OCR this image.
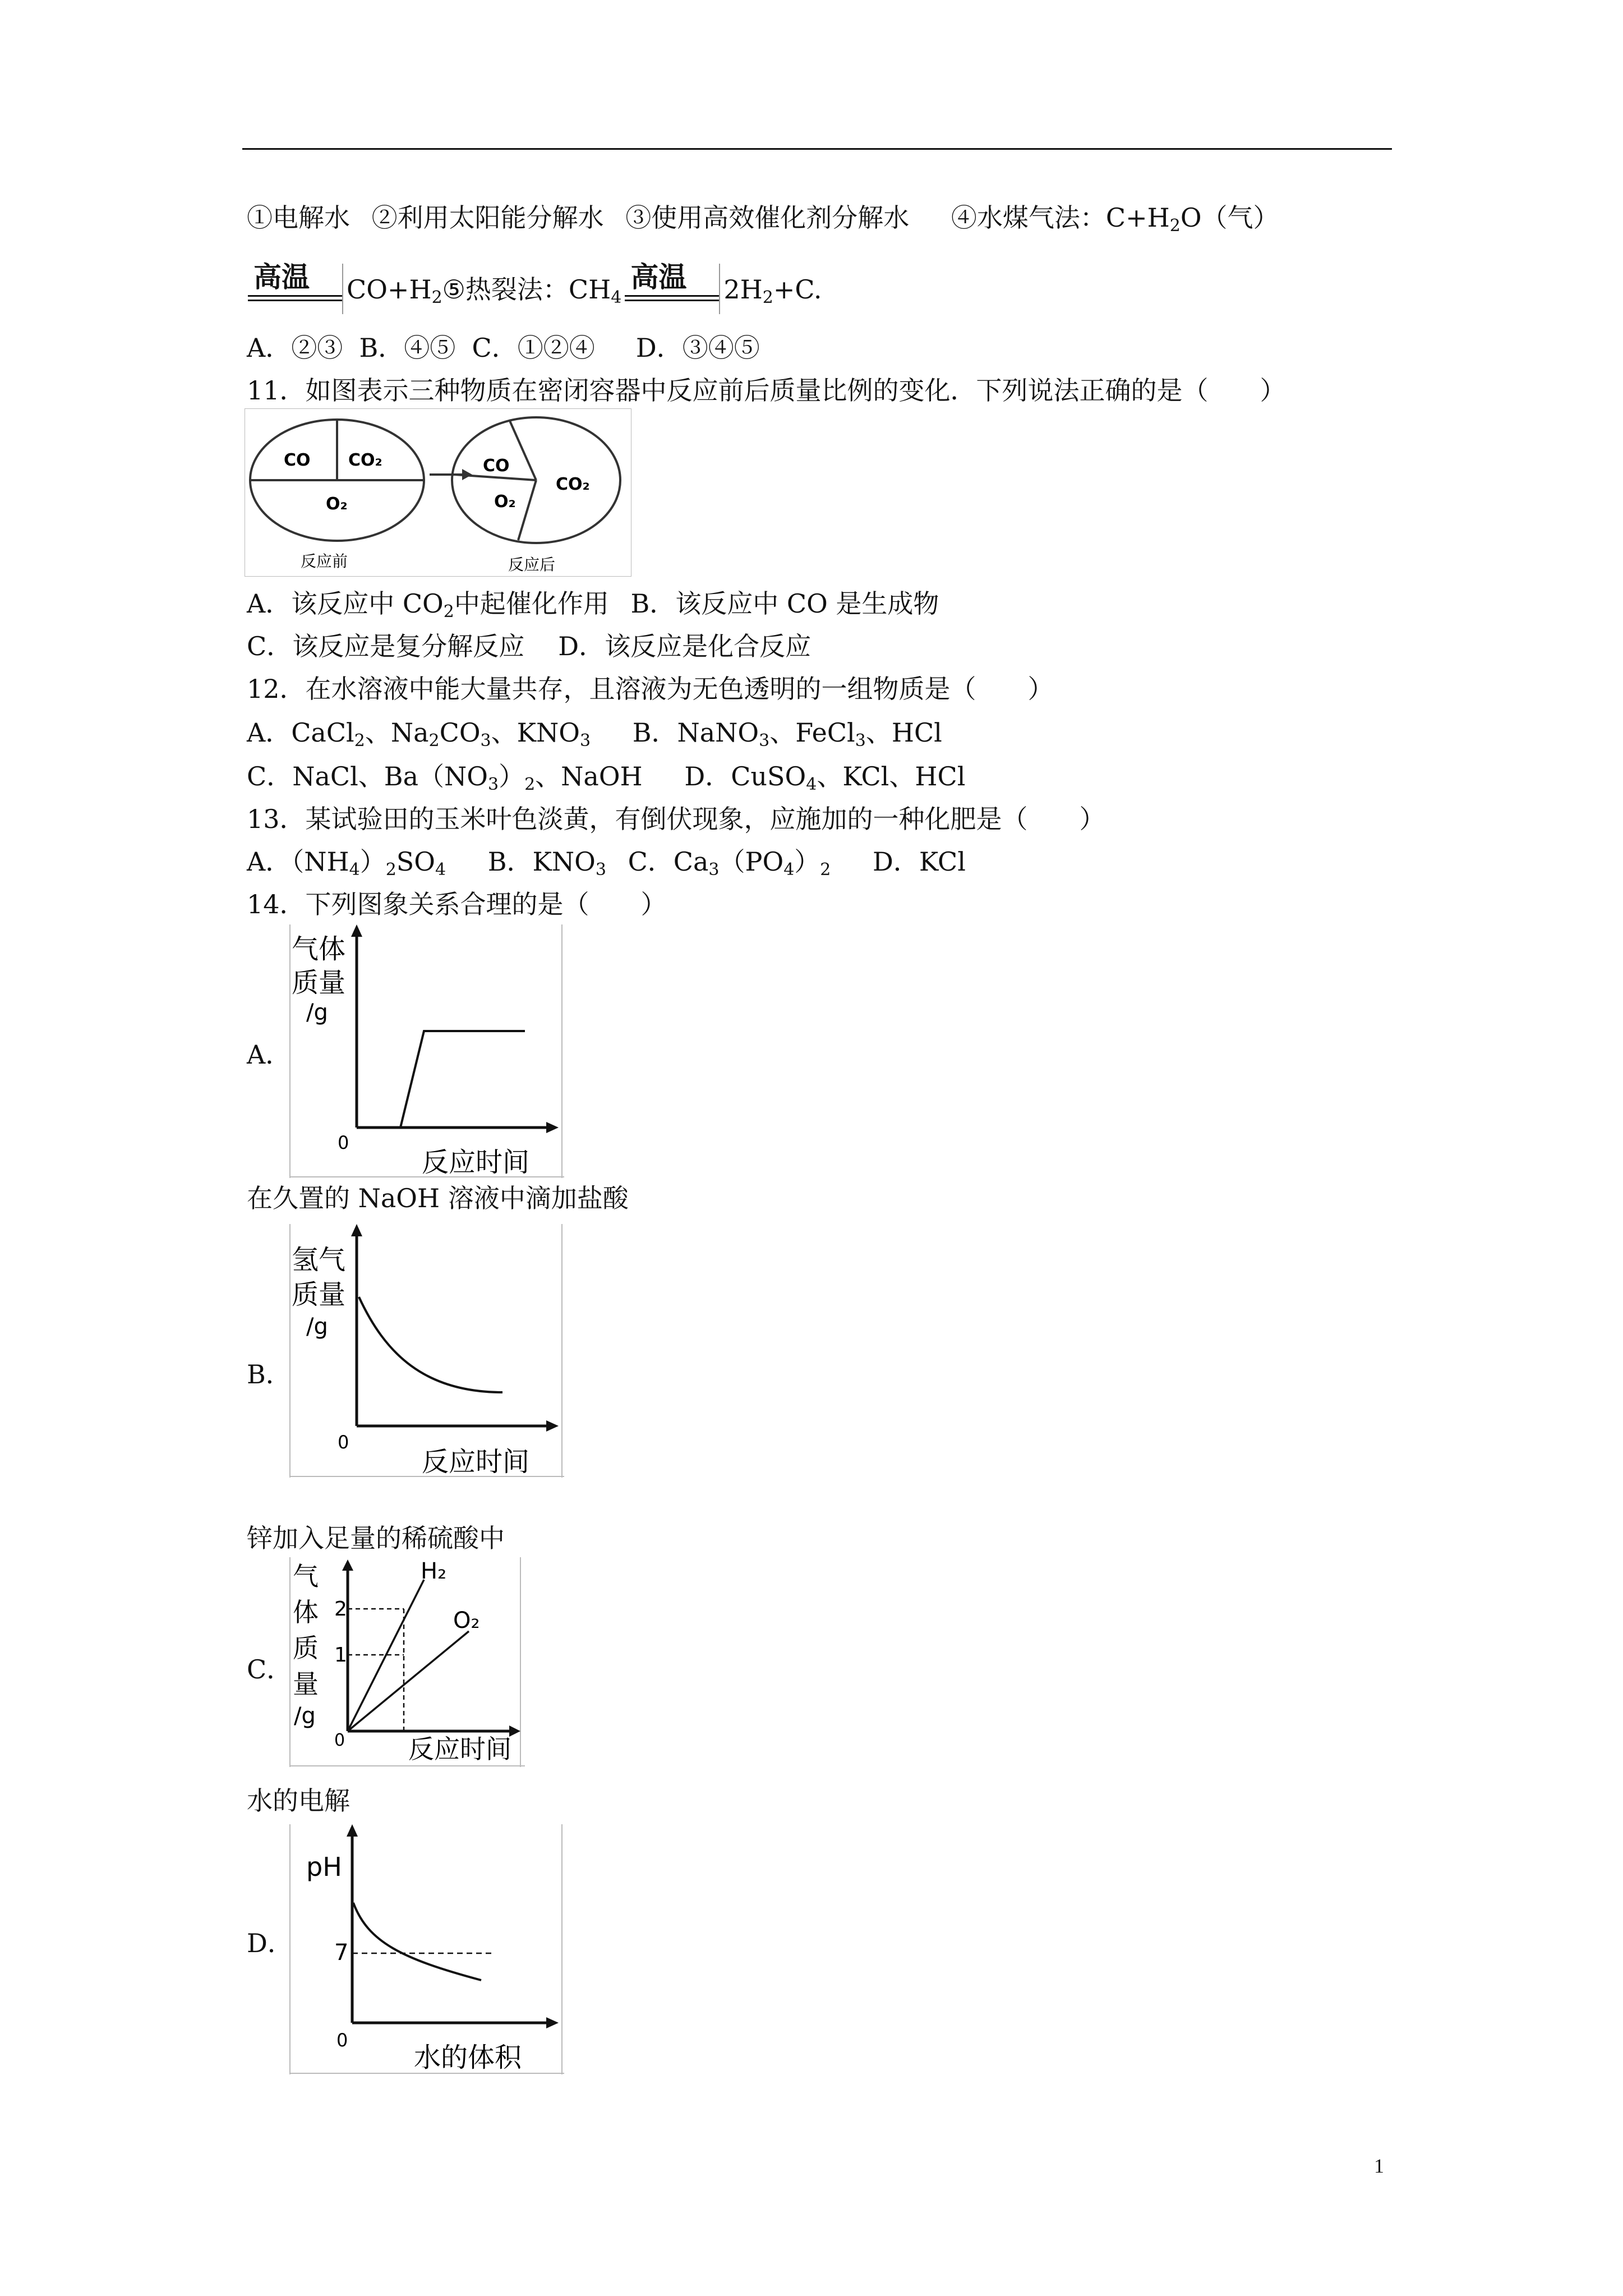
①电解水 ②利用太阳能分解水 ③使用高效催化剂分解水 ④水煤气法：$C+H_2O$（气）
高温 $CO+H_2⑤$热裂法：$CH_4$
高温 $2H_2+C$.
A．②③  B．④⑤  C．①②④     D．③④⑤
11．如图表示三种物质在密闭容器中反应前后质量比例的变化．下列说法正确的是（　　）
CO CO₂
O₂
反应前
CO
CO₂
O₂
反应后
A．该反应中 $CO_2$中起催化作用 B．该反应中 CO 是生成物
C．该反应是复分解反应 D．该反应是化合反应
12．在水溶液中能大量共存，且溶液为无色透明的一组物质是（　　）
A．CaCl$_2$、$Na_2CO_3$、$KNO_3$ B．NaNO$_3$、FeCl$_3$、HCl
C．NaCl、$Ba(NO_3)_2$、NaOH D．CuSO$_4$、KCl、HCl
13．某试验田的玉米叶色淡黄，有倒伏现象，应施加的一种化肥是（　　）
A．$(NH_4)_2SO_4$ B．$KNO_3$ C．$Ca_3(PO_4)_2$ D．KCl
14．下列图象关系合理的是（　　）
A．
气体
质量
/g
0
反应时间
在久置的 NaOH 溶液中滴加盐酸
B．
氢气
质量
/g
0
反应时间
锌加入足量的稀硫酸中
C．
气
体
质
量
/g
2
1
0 反应时间
H₂
O₂
水的电解
D．
pH
7
0
水的体积
1
